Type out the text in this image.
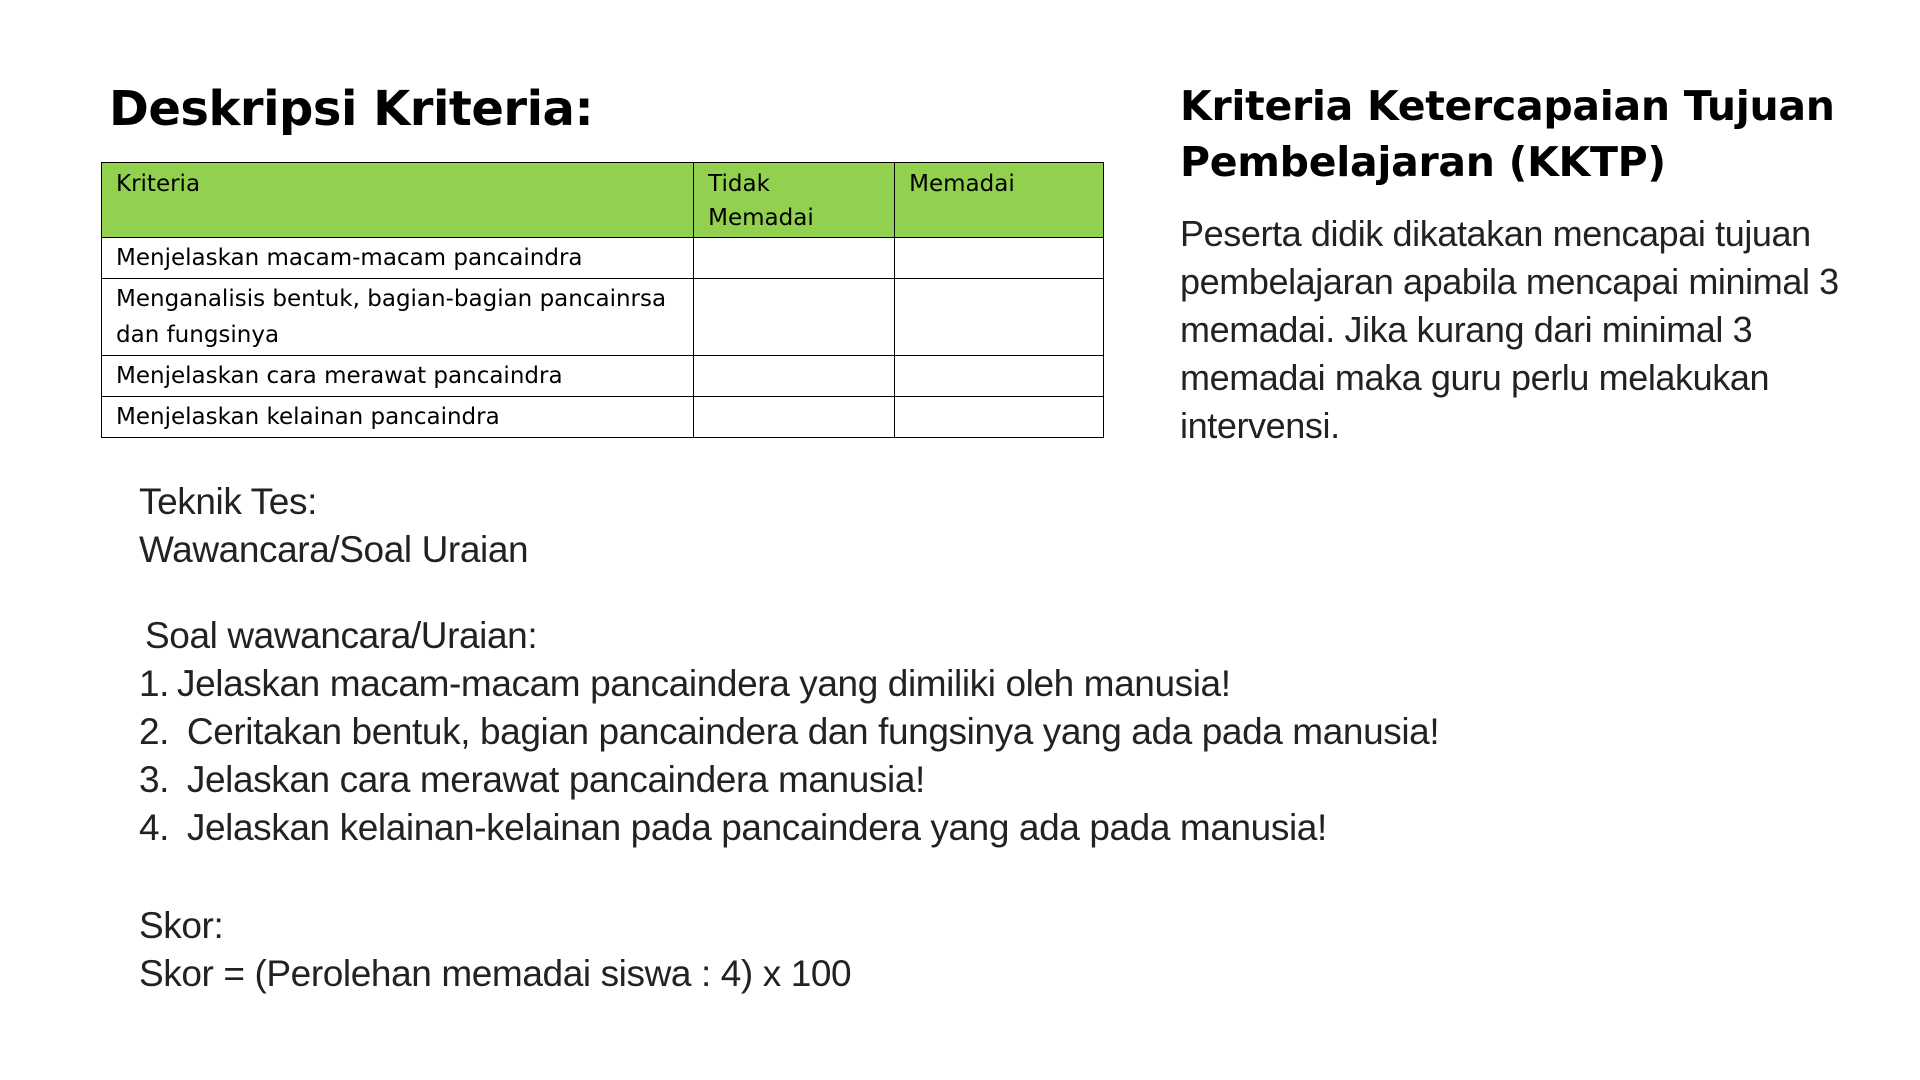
Deskripsi Kriteria:
Kriteria	Tidak Memadai	Memadai
Menjelaskan macam-macam pancaindra		
Menganalisis bentuk, bagian-bagian pancainrsa dan fungsinya		
Menjelaskan cara merawat pancaindra		
Menjelaskan kelainan pancaindra		
Kriteria Ketercapaian Tujuan Pembelajaran (KKTP)

Peserta didik dikatakan mencapai tujuan pembelajaran apabila mencapai minimal 3 memadai. Jika kurang dari minimal 3 memadai maka guru perlu melakukan intervensi.

Teknik Tes:
Wawancara/Soal Uraian
Soal wawancara/Uraian:
1. Jelaskan macam-macam pancaindera yang dimiliki oleh manusia!
2. Ceritakan bentuk, bagian pancaindera dan fungsinya yang ada pada manusia!
3. Jelaskan cara merawat pancaindera manusia!
4. Jelaskan kelainan-kelainan pada pancaindera yang ada pada manusia!
Skor:
Skor = (Perolehan memadai siswa : 4) x 100
